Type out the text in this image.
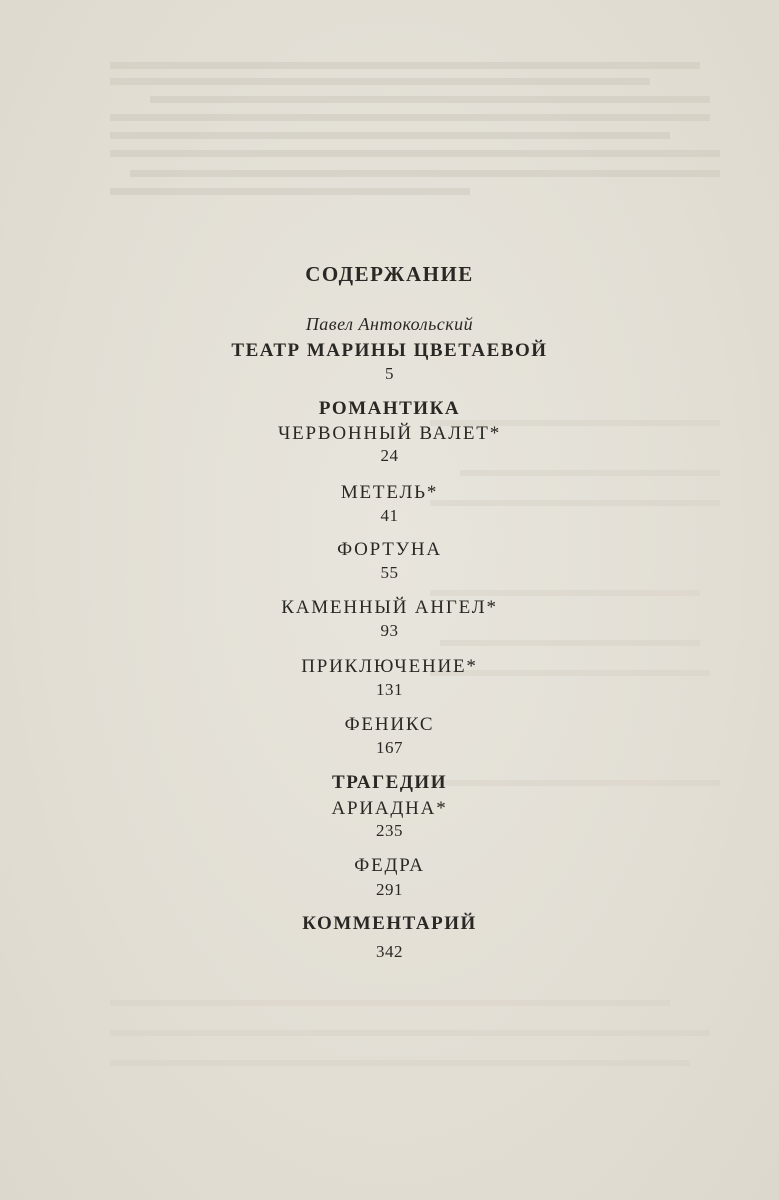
СОДЕРЖАНИЕ
Павел Антокольский
ТЕАТР МАРИНЫ ЦВЕТАЕВОЙ
5
РОМАНТИКА
ЧЕРВОННЫЙ ВАЛЕТ*
24
МЕТЕЛЬ*
41
ФОРТУНА
55
КАМЕННЫЙ АНГЕЛ*
93
ПРИКЛЮЧЕНИЕ*
131
ФЕНИКС
167
ТРАГЕДИИ
АРИАДНА*
235
ФЕДРА
291
КОММЕНТАРИЙ
342
